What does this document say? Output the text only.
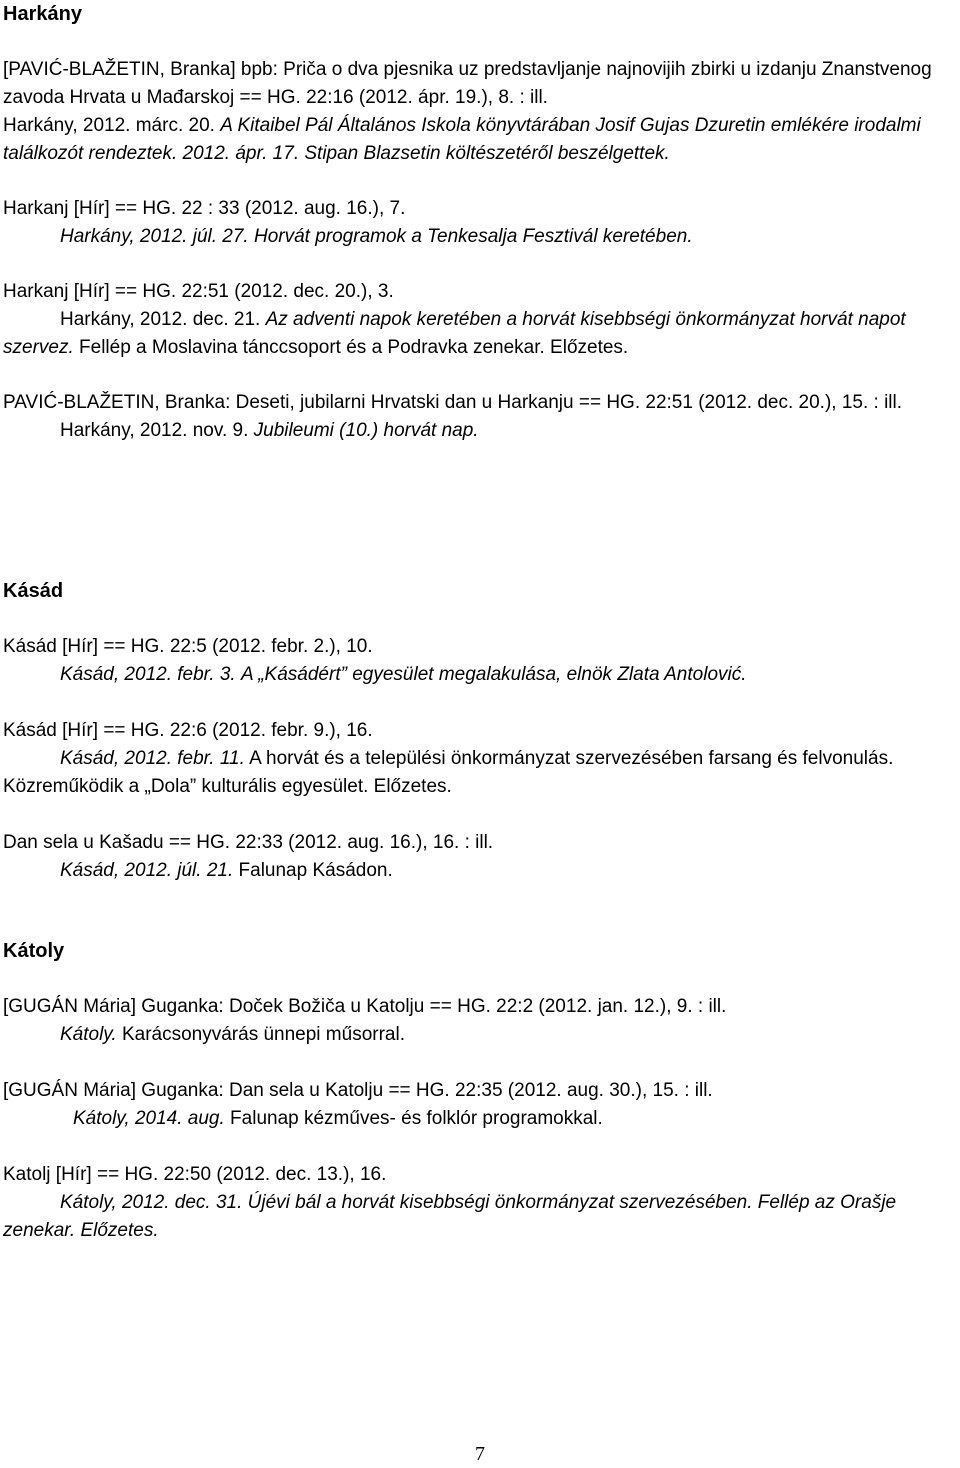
Harkány

[PAVIĆ-BLAŽETIN, Branka] bpb: Priča o dva pjesnika uz predstavljanje najnovijih zbirki u izdanju Znanstvenog zavoda Hrvata u Mađarskoj == HG. 22:16 (2012. ápr. 19.), 8. : ill.

Harkány, 2012. márc. 20. A Kitaibel Pál Általános Iskola könyvtárában Josif Gujas Dzuretin emlékére irodalmi találkozót rendeztek. 2012. ápr. 17. Stipan Blazsetin költészetéről beszélgettek.

Harkanj [Hír] == HG. 22 : 33 (2012. aug. 16.), 7.

Harkány, 2012. júl. 27. Horvát programok a Tenkesalja Fesztivál keretében.

Harkanj [Hír] == HG. 22:51 (2012. dec. 20.), 3.

Harkány, 2012. dec. 21. Az adventi napok keretében a horvát kisebbségi önkormányzat horvát napot szervez. Fellép a Moslavina tánccsoport és a Podravka zenekar. Előzetes.

PAVIĆ-BLAŽETIN, Branka: Deseti, jubilarni Hrvatski dan u Harkanju == HG. 22:51 (2012. dec. 20.), 15. : ill.

Harkány, 2012. nov. 9. Jubileumi (10.) horvát nap.

Kásád

Kásád [Hír] == HG. 22:5 (2012. febr. 2.), 10.

Kásád, 2012. febr. 3. A „Kásádért” egyesület megalakulása, elnök Zlata Antolović.

Kásád [Hír] == HG. 22:6 (2012. febr. 9.), 16.

Kásád, 2012. febr. 11. A horvát és a települési önkormányzat szervezésében farsang és felvonulás. Közreműködik a „Dola” kulturális egyesület. Előzetes.

Dan sela u Kašadu == HG. 22:33 (2012. aug. 16.), 16. : ill.

Kásád, 2012. júl. 21. Falunap Kásádon.

Kátoly

[GUGÁN Mária] Guganka: Doček Božiča u Katolju == HG. 22:2 (2012. jan. 12.), 9. : ill.

Kátoly. Karácsonyvárás ünnepi műsorral.

[GUGÁN Mária] Guganka: Dan sela u Katolju == HG. 22:35 (2012. aug. 30.), 15. : ill.

Kátoly, 2014. aug. Falunap kézműves- és folklór programokkal.

Katolj [Hír] == HG. 22:50 (2012. dec. 13.), 16.

Kátoly, 2012. dec. 31. Újévi bál a horvát kisebbségi önkormányzat szervezésében. Fellép az Orašje zenekar. Előzetes.

7
